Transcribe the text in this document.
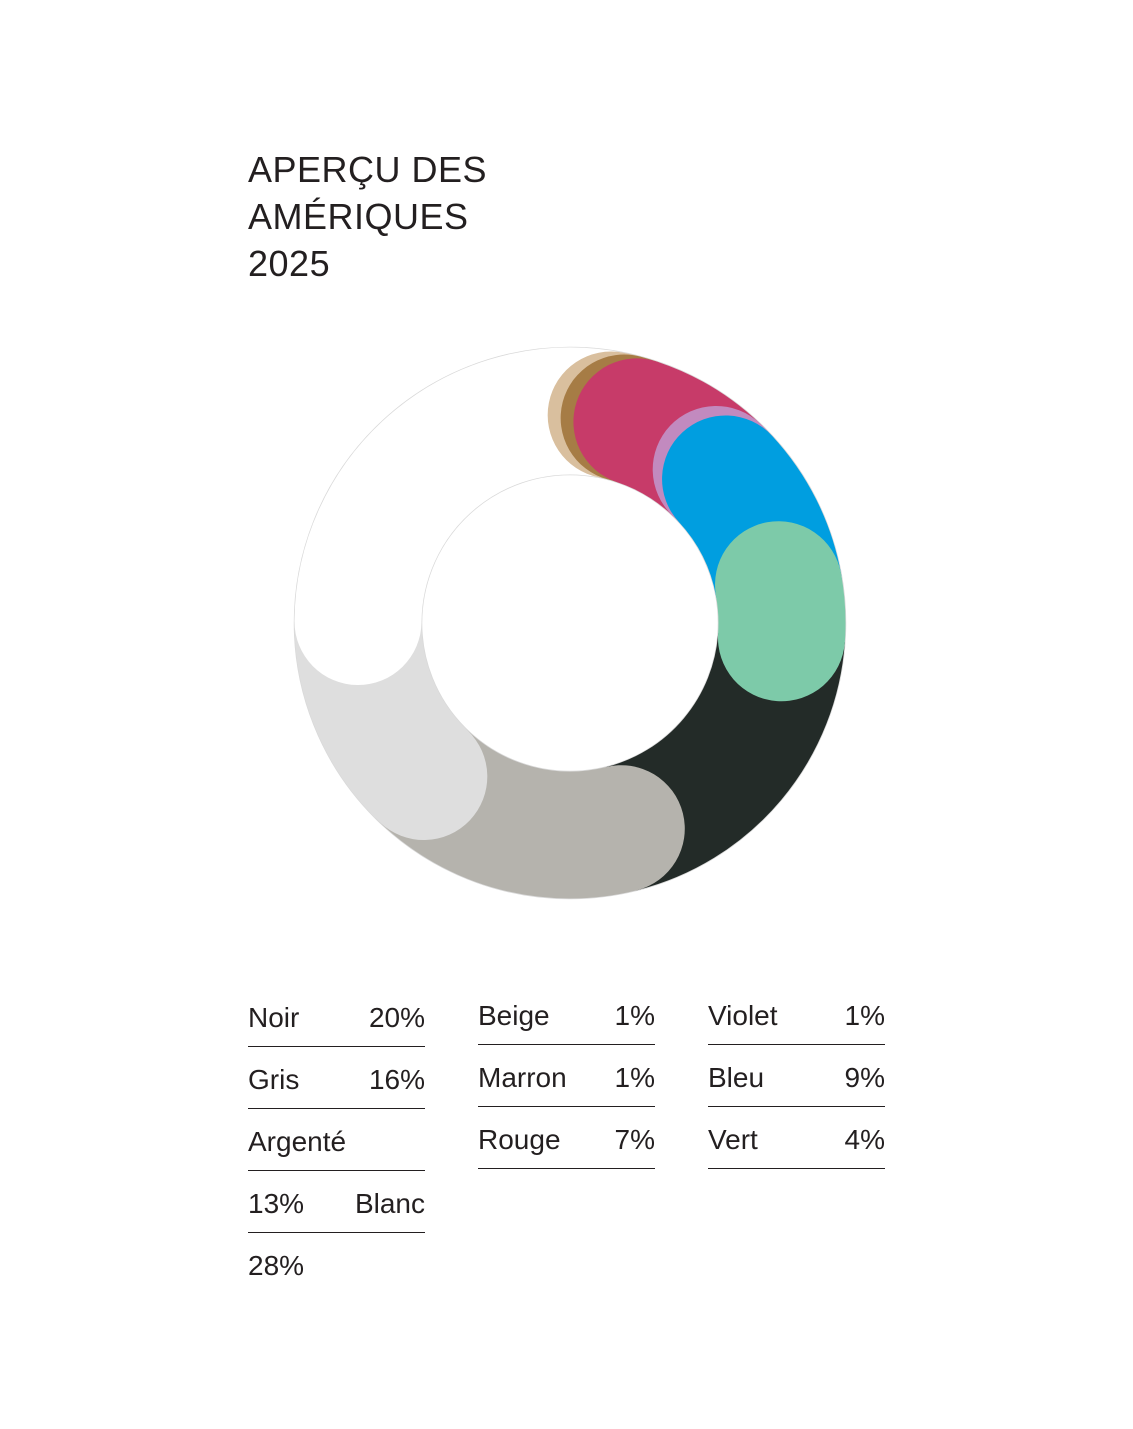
APERÇU DES
AMÉRIQUES
2025
Noir 20%
Gris 16%
Argenté
13% Blanc
28%
Beige 1%
Marron 1%
Rouge 7%
Violet 1%
Bleu	9%
Vert	4%
